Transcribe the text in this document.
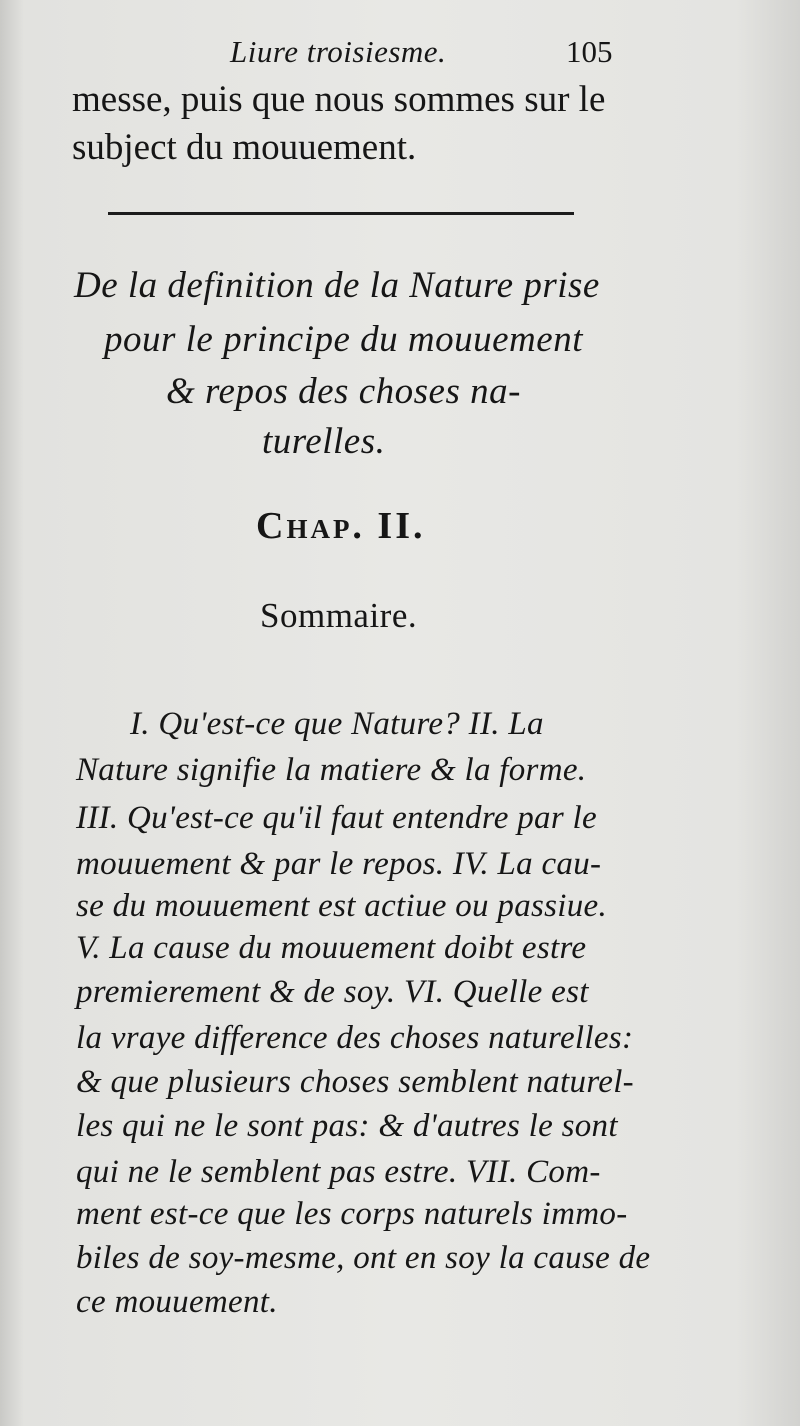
Liure troisiesme.	105
messe, puis que nous sommes sur le
subject du mouuement.
De la definition de la Nature prise
pour le principe du mouuement
& repos des choses na-
turelles.
Chap. II.
Sommaire.
I. Qu'est-ce que Nature? II. La
Nature signifie la matiere & la forme.
III. Qu'est-ce qu'il faut entendre par le
mouuement & par le repos. IV. La cau-
se du mouuement est actiue ou passiue.
V. La cause du mouuement doibt estre
premierement & de soy. VI. Quelle est
la vraye difference des choses naturelles:
& que plusieurs choses semblent naturel-
les qui ne le sont pas: & d'autres le sont
qui ne le semblent pas estre. VII. Com-
ment est-ce que les corps naturels immo-
biles de soy-mesme, ont en soy la cause de
ce mouuement.
